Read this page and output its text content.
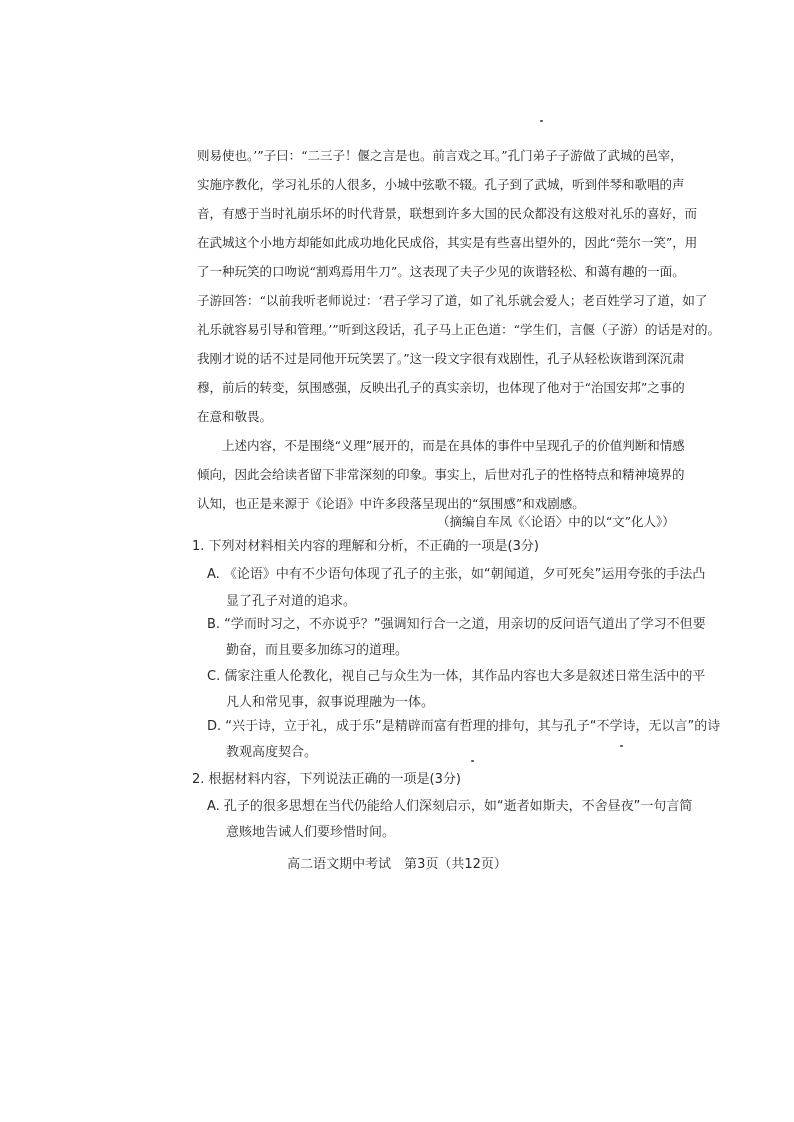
则易使也。’”子曰：“二三子！偃之言是也。前言戏之耳。”孔门弟子子游做了武城的邑宰，
实施序教化，学习礼乐的人很多，小城中弦歌不辍。孔子到了武城，听到伴琴和歌唱的声
音，有感于当时礼崩乐坏的时代背景，联想到许多大国的民众都没有这般对礼乐的喜好，而
在武城这个小地方却能如此成功地化民成俗，其实是有些喜出望外的，因此“莞尔一笑”，用
了一种玩笑的口吻说“割鸡焉用牛刀”。这表现了夫子少见的诙谐轻松、和蔼有趣的一面。
子游回答：“以前我听老师说过：‘君子学习了道，如了礼乐就会爱人；老百姓学习了道，如了
礼乐就容易引导和管理。’”听到这段话，孔子马上正色道：“学生们，言偃（子游）的话是对的。
我刚才说的话不过是同他开玩笑罢了。”这一段文字很有戏剧性，孔子从轻松诙谐到深沉肃
穆，前后的转变，氛围感强，反映出孔子的真实亲切，也体现了他对于“治国安邦”之事的
在意和敬畏。
上述内容，不是围绕“义理”展开的，而是在具体的事件中呈现孔子的价值判断和情感
倾向，因此会给读者留下非常深刻的印象。事实上，后世对孔子的性格特点和精神境界的
认知，也正是来源于《论语》中许多段落呈现出的“氛围感”和戏剧感。
（摘编自车凤《〈论语〉中的以“文”化人》）
1. 下列对材料相关内容的理解和分析，不正确的一项是(3分)
A. 《论语》中有不少语句体现了孔子的主张，如“朝闻道，夕可死矣”运用夸张的手法凸
显了孔子对道的追求。
B. “学而时习之，不亦说乎？”强调知行合一之道，用亲切的反问语气道出了学习不但要
勤奋，而且要多加练习的道理。
C. 儒家注重人伦教化，视自己与众生为一体，其作品内容也大多是叙述日常生活中的平
凡人和常见事，叙事说理融为一体。
D. “兴于诗，立于礼，成于乐”是精辟而富有哲理的排句，其与孔子“不学诗，无以言”的诗
教观高度契合。
2. 根据材料内容，下列说法正确的一项是(3分)
A. 孔子的很多思想在当代仍能给人们深刻启示，如“逝者如斯夫，不舍昼夜”一句言简
意赅地告诫人们要珍惜时间。
高二语文期中考试　第3页（共12页）
